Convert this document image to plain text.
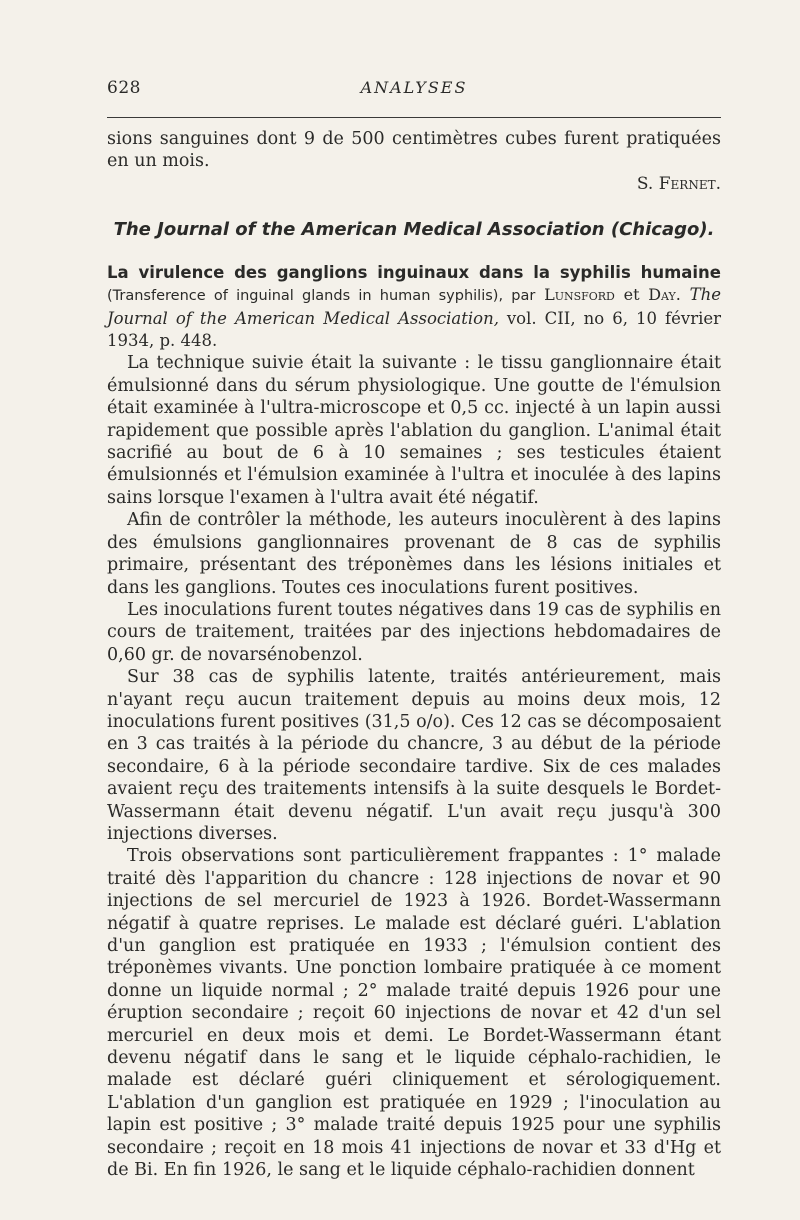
628	ANALYSES

sions sanguines dont 9 de 500 centimètres cubes furent pratiquées en un mois.

S. Fernet.

The Journal of the American Medical Association (Chicago).

La virulence des ganglions inguinaux dans la syphilis humaine (Transference of inguinal glands in human syphilis), par Lunsford et Day. The Journal of the American Medical Association, vol. CII, no 6, 10 février 1934, p. 448.

La technique suivie était la suivante : le tissu ganglionnaire était émulsionné dans du sérum physiologique. Une goutte de l'émulsion était examinée à l'ultra-microscope et 0,5 cc. injecté à un lapin aussi rapidement que possible après l'ablation du ganglion. L'animal était sacrifié au bout de 6 à 10 semaines ; ses testicules étaient émulsionnés et l'émulsion examinée à l'ultra et inoculée à des lapins sains lorsque l'examen à l'ultra avait été négatif.

Afin de contrôler la méthode, les auteurs inoculèrent à des lapins des émulsions ganglionnaires provenant de 8 cas de syphilis primaire, présentant des tréponèmes dans les lésions initiales et dans les ganglions. Toutes ces inoculations furent positives.

Les inoculations furent toutes négatives dans 19 cas de syphilis en cours de traitement, traitées par des injections hebdomadaires de 0,60 gr. de novarsénobenzol.

Sur 38 cas de syphilis latente, traités antérieurement, mais n'ayant reçu aucun traitement depuis au moins deux mois, 12 inoculations furent positives (31,5 o/o). Ces 12 cas se décomposaient en 3 cas traités à la période du chancre, 3 au début de la période secondaire, 6 à la période secondaire tardive. Six de ces malades avaient reçu des traitements intensifs à la suite desquels le Bordet-Wassermann était devenu négatif. L'un avait reçu jusqu'à 300 injections diverses.

Trois observations sont particulièrement frappantes : 1° malade traité dès l'apparition du chancre : 128 injections de novar et 90 injections de sel mercuriel de 1923 à 1926. Bordet-Wassermann négatif à quatre reprises. Le malade est déclaré guéri. L'ablation d'un ganglion est pratiquée en 1933 ; l'émulsion contient des tréponèmes vivants. Une ponction lombaire pratiquée à ce moment donne un liquide normal ; 2° malade traité depuis 1926 pour une éruption secondaire ; reçoit 60 injections de novar et 42 d'un sel mercuriel en deux mois et demi. Le Bordet-Wassermann étant devenu négatif dans le sang et le liquide céphalo-rachidien, le malade est déclaré guéri cliniquement et sérologiquement. L'ablation d'un ganglion est pratiquée en 1929 ; l'inoculation au lapin est positive ; 3° malade traité depuis 1925 pour une syphilis secondaire ; reçoit en 18 mois 41 injections de novar et 33 d'Hg et de Bi. En fin 1926, le sang et le liquide céphalo-rachidien donnent
